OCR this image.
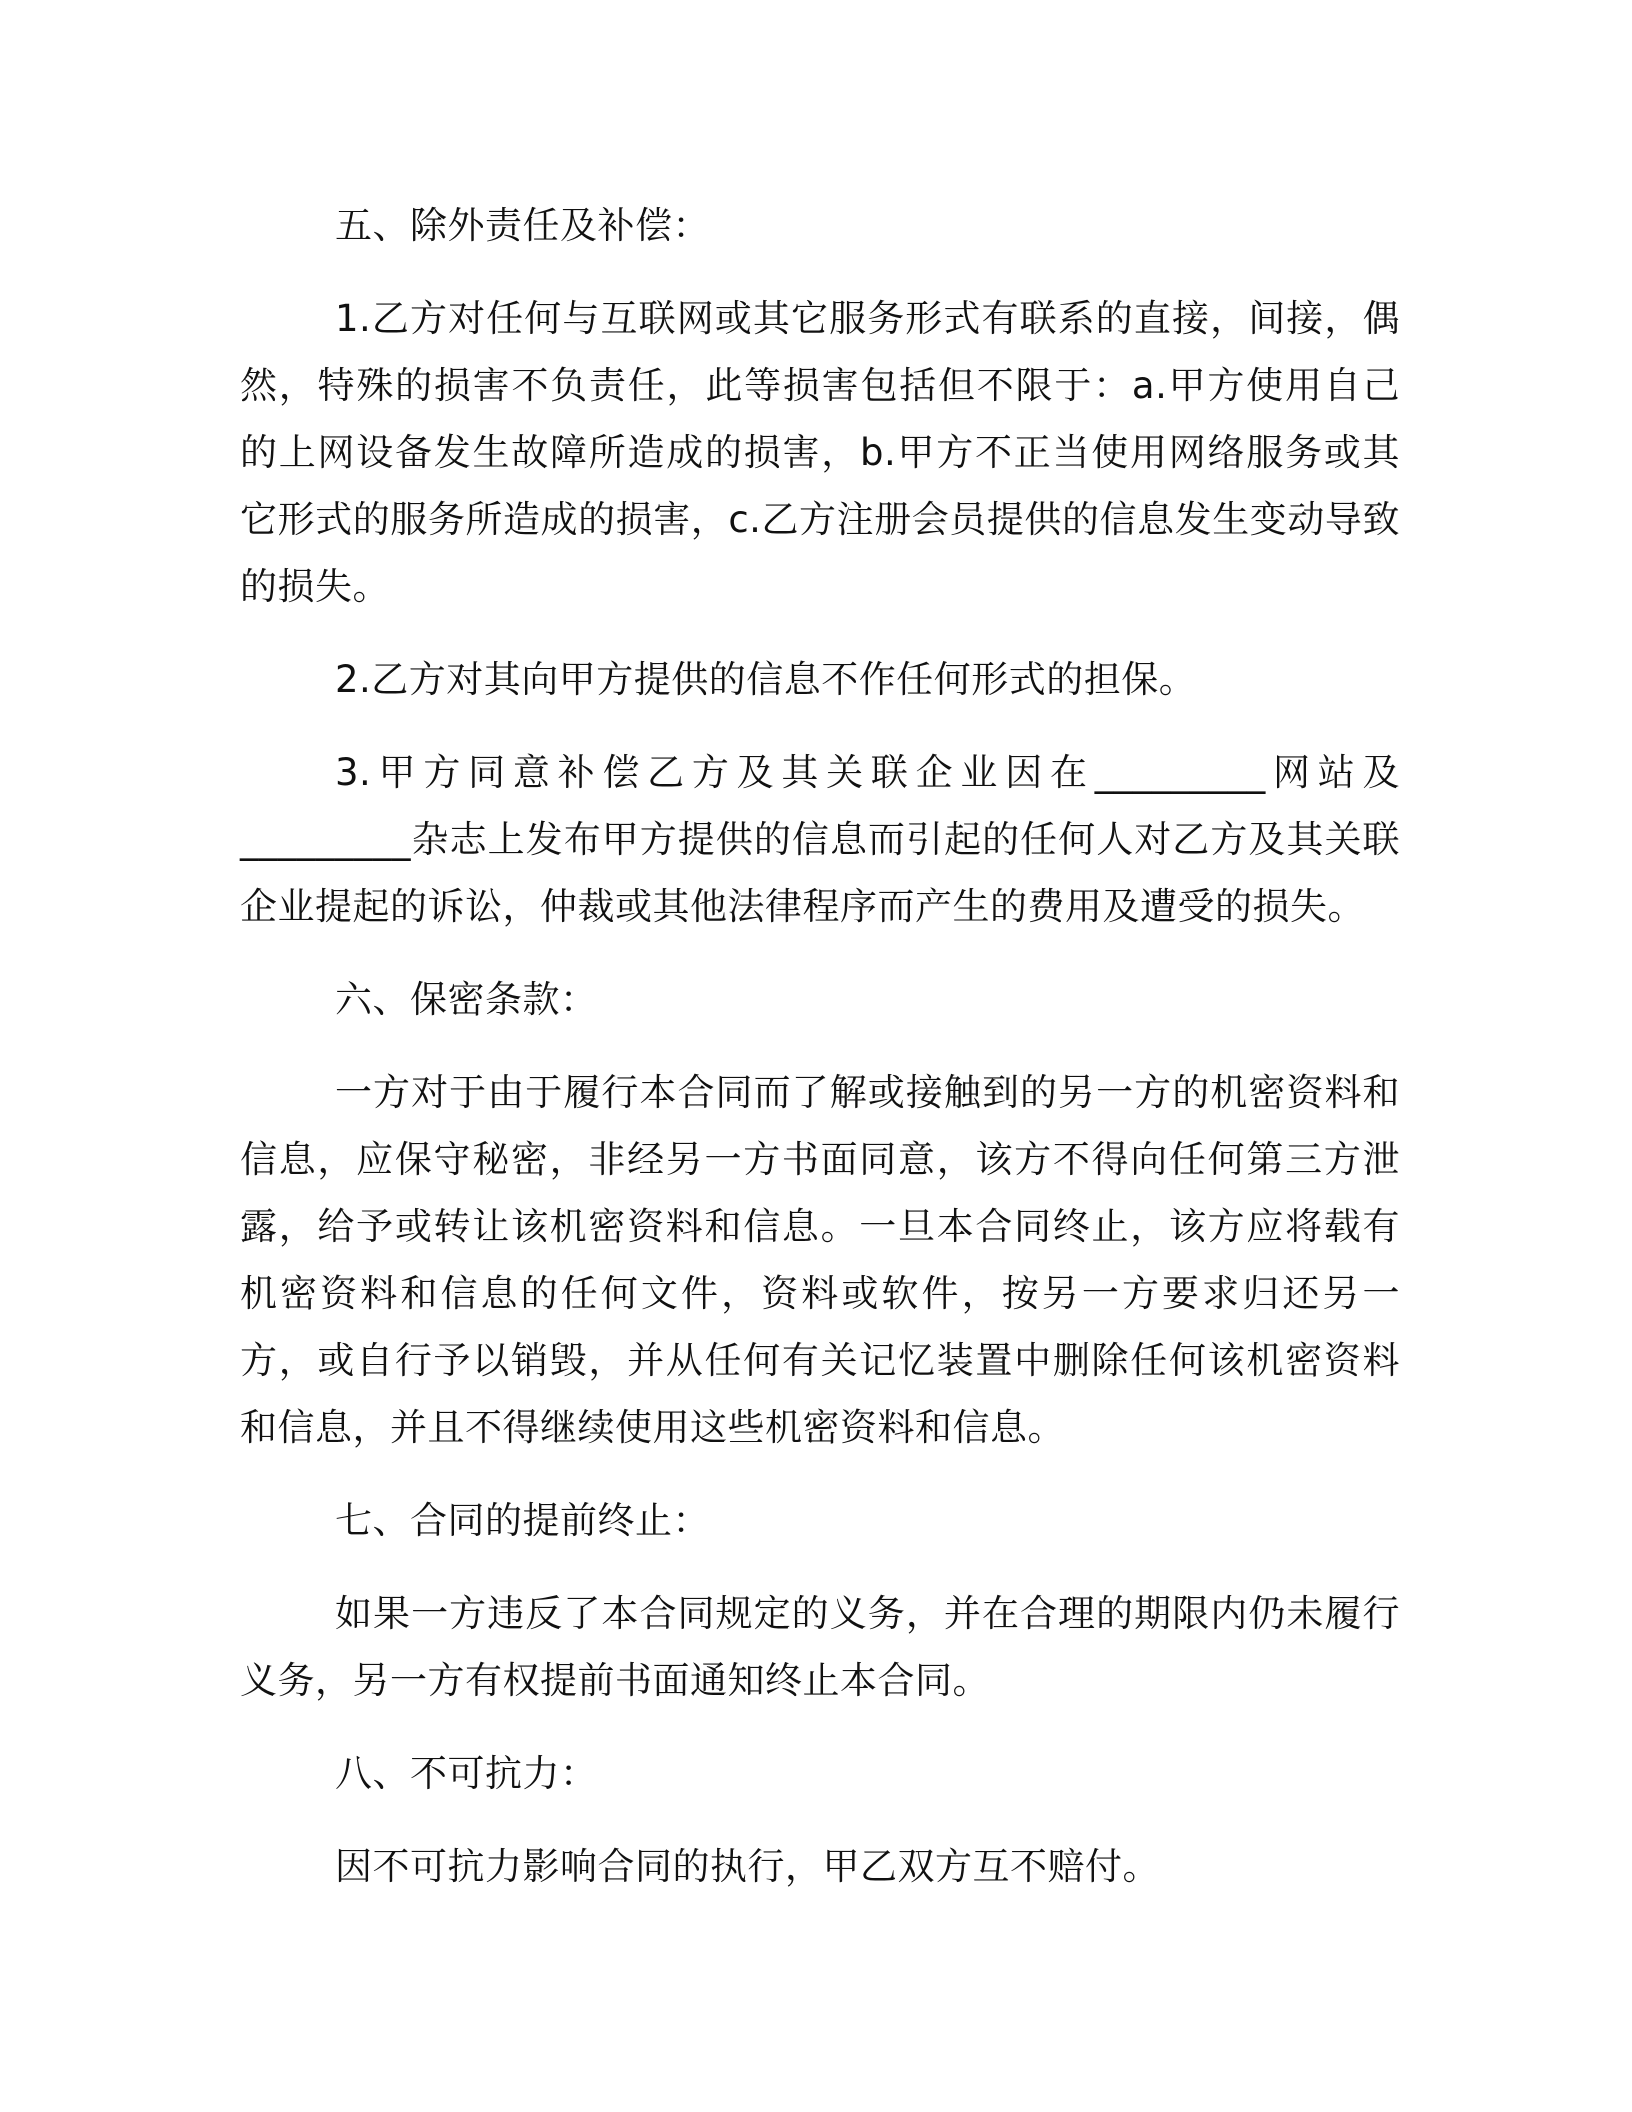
五、除外责任及补偿：
1.乙方对任何与互联网或其它服务形式有联系的直接，间接，偶然，特殊的损害不负责任，此等损害包括但不限于：a.甲方使用自己的上网设备发生故障所造成的损害，b.甲方不正当使用网络服务或其它形式的服务所造成的损害，c.乙方注册会员提供的信息发生变动导致的损失。
2.乙方对其向甲方提供的信息不作任何形式的担保。
3.甲方同意补偿乙方及其关联企业因在_________网站及_________杂志上发布甲方提供的信息而引起的任何人对乙方及其关联企业提起的诉讼，仲裁或其他法律程序而产生的费用及遭受的损失。
六、保密条款：
一方对于由于履行本合同而了解或接触到的另一方的机密资料和信息，应保守秘密，非经另一方书面同意，该方不得向任何第三方泄露，给予或转让该机密资料和信息。一旦本合同终止，该方应将载有机密资料和信息的任何文件，资料或软件，按另一方要求归还另一方，或自行予以销毁，并从任何有关记忆装置中删除任何该机密资料和信息，并且不得继续使用这些机密资料和信息。
七、合同的提前终止：
如果一方违反了本合同规定的义务，并在合理的期限内仍未履行义务，另一方有权提前书面通知终止本合同。
八、不可抗力：
因不可抗力影响合同的执行，甲乙双方互不赔付。
